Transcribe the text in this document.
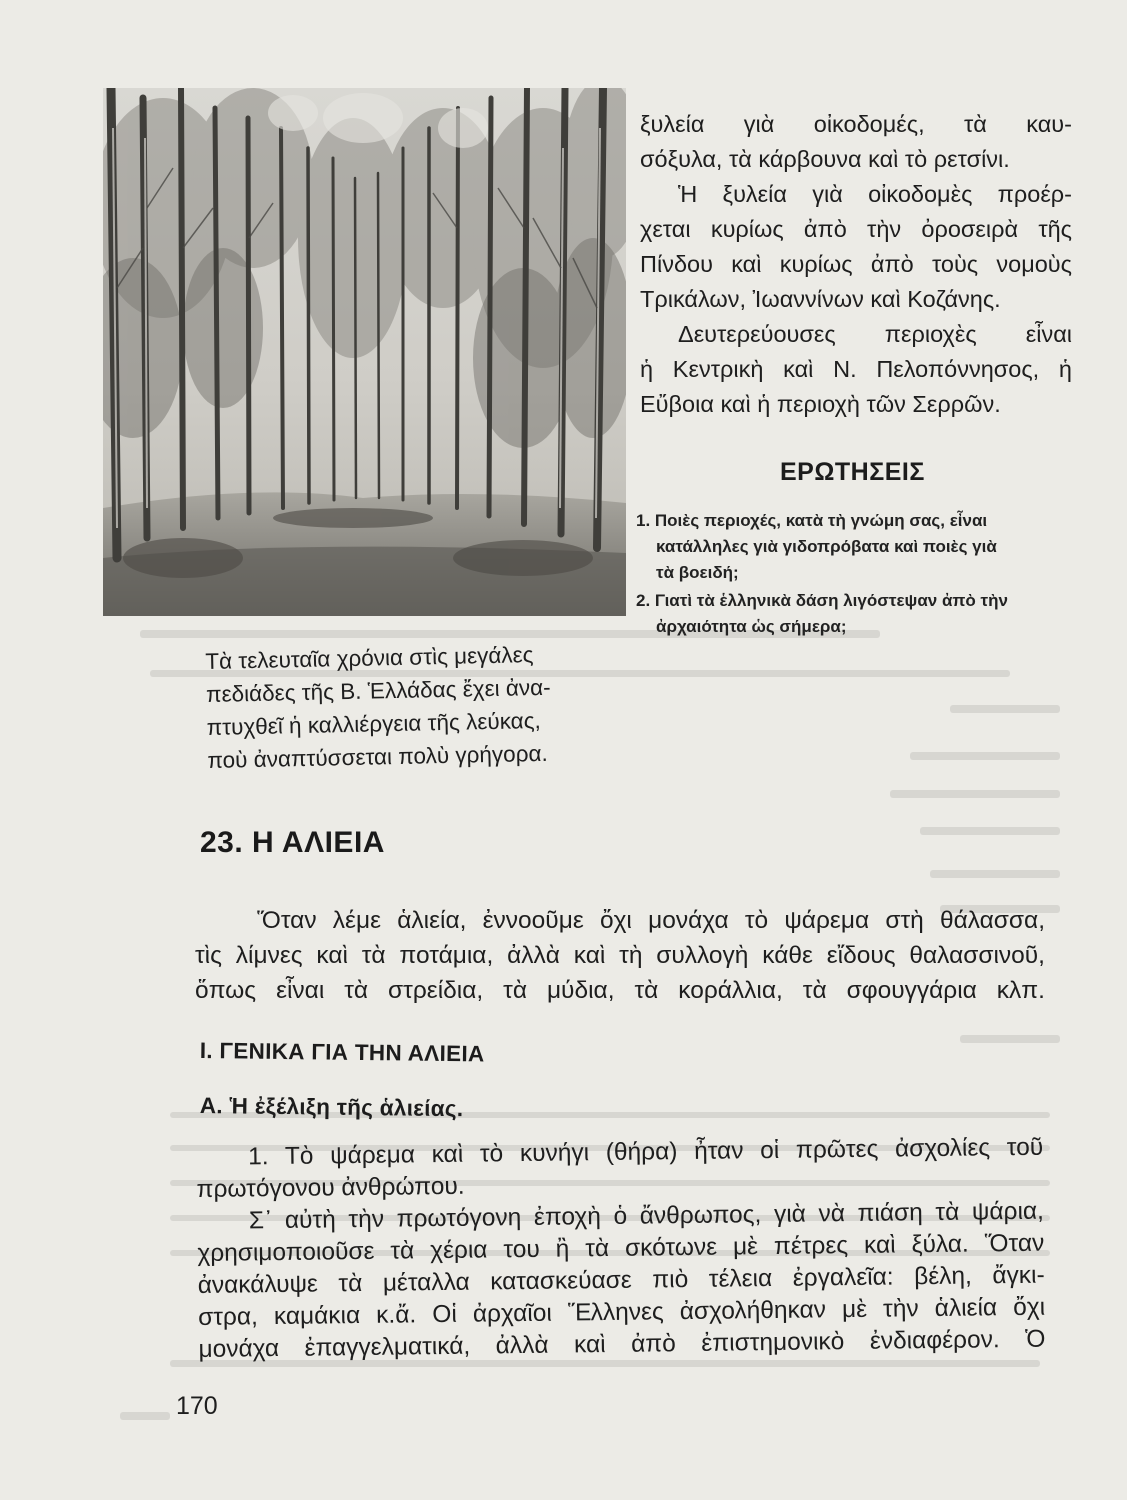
ξυλεία γιὰ οἰκοδομές, τὰ καυ-
σόξυλα, τὰ κάρβουνα καὶ τὸ ρετσίνι.
Ἡ ξυλεία γιὰ οἰκοδομὲς προέρ-
χεται κυρίως ἀπὸ τὴν ὀροσειρὰ τῆς
Πίνδου καὶ κυρίως ἀπὸ τοὺς νομοὺς
Τρικάλων, Ἰωαννίνων καὶ Κοζάνης.
Δευτερεύουσες περιοχὲς εἶναι
ἡ Κεντρικὴ καὶ Ν. Πελοπόννησος, ἡ
Εὔβοια καὶ ἡ περιοχὴ τῶν Σερρῶν.
ΕΡΩΤΗΣΕΙΣ
1. Ποιὲς περιοχές, κατὰ τὴ γνώμη σας, εἶναι
κατάλληλες γιὰ γιδοπρόβατα καὶ ποιὲς γιὰ
τὰ βοειδή;
2. Γιατὶ τὰ ἑλληνικὰ δάση λιγόστεψαν ἀπὸ τὴν
ἀρχαιότητα ὡς σήμερα;
Τὰ τελευταῖα χρόνια στὶς μεγάλες
πεδιάδες τῆς Β. Ἑλλάδας ἔχει ἀνα-
πτυχθεῖ ἡ καλλιέργεια τῆς λεύκας,
ποὺ ἀναπτύσσεται πολὺ γρήγορα.
23. Η ΑΛΙΕΙΑ
Ὅταν λέμε ἁλιεία, ἐννοοῦμε ὄχι μονάχα τὸ ψάρεμα στὴ θάλασσα,
τὶς λίμνες καὶ τὰ ποτάμια, ἀλλὰ καὶ τὴ συλλογὴ κάθε εἴδους θαλασσινοῦ,
ὅπως εἶναι τὰ στρείδια, τὰ μύδια, τὰ κοράλλια, τὰ σφουγγάρια κλπ.
Ι. ΓΕΝΙΚΑ ΓΙΑ ΤΗΝ ΑΛΙΕΙΑ
Α. Ἡ ἐξέλιξη τῆς ἁλιείας.
1. Τὸ ψάρεμα καὶ τὸ κυνήγι (θήρα) ἦταν οἱ πρῶτες ἀσχολίες τοῦ
πρωτόγονου ἀνθρώπου.
Σ᾽ αὐτὴ τὴν πρωτόγονη ἐποχὴ ὁ ἄνθρωπος, γιὰ νὰ πιάση τὰ ψάρια,
χρησιμοποιοῦσε τὰ χέρια του ἢ τὰ σκότωνε μὲ πέτρες καὶ ξύλα. Ὅταν
ἀνακάλυψε τὰ μέταλλα κατασκεύασε πιὸ τέλεια ἐργαλεῖα: βέλη, ἄγκι-
στρα, καμάκια κ.ἄ. Οἱ ἀρχαῖοι Ἕλληνες ἀσχολήθηκαν μὲ τὴν ἁλιεία ὄχι
μονάχα ἐπαγγελματικά, ἀλλὰ καὶ ἀπὸ ἐπιστημονικὸ ἐνδιαφέρον. Ὁ

170
